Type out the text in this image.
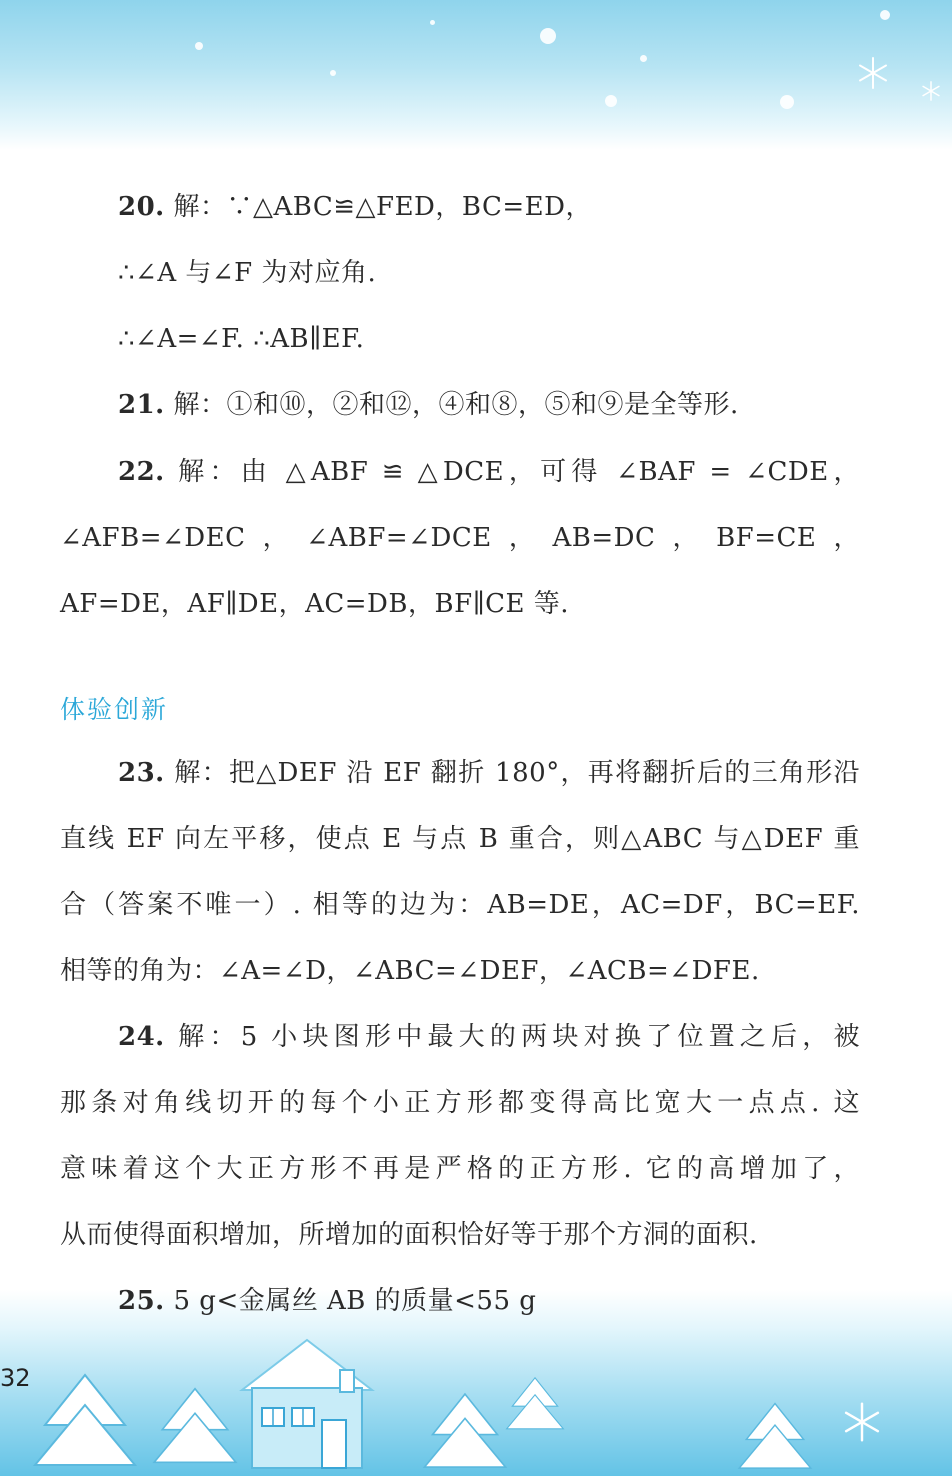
32
20. 解：∵△ABC≌△FED，BC=ED，
∴∠A 与∠F 为对应角.
∴∠A=∠F. ∴AB∥EF.
21. 解：①和⑩，②和⑫，④和⑧，⑤和⑨是全等形.
22. 解：由 △ABF ≌ △DCE，可得 ∠BAF = ∠CDE，
∠AFB=∠DEC，∠ABF=∠DCE，AB=DC，BF=CE，
AF=DE，AF∥DE，AC=DB，BF∥CE 等.
体验创新
23. 解：把△DEF 沿 EF 翻折 180°，再将翻折后的三角形沿
直线 EF 向左平移，使点 E 与点 B 重合，则△ABC 与△DEF 重
合（答案不唯一）. 相等的边为：AB=DE，AC=DF，BC=EF.
相等的角为：∠A=∠D，∠ABC=∠DEF，∠ACB=∠DFE.
24. 解：5 小块图形中最大的两块对换了位置之后，被
那条对角线切开的每个小正方形都变得高比宽大一点点. 这
意味着这个大正方形不再是严格的正方形. 它的高增加了，
从而使得面积增加，所增加的面积恰好等于那个方洞的面积.
25. 5 g<金属丝 AB 的质量<55 g
